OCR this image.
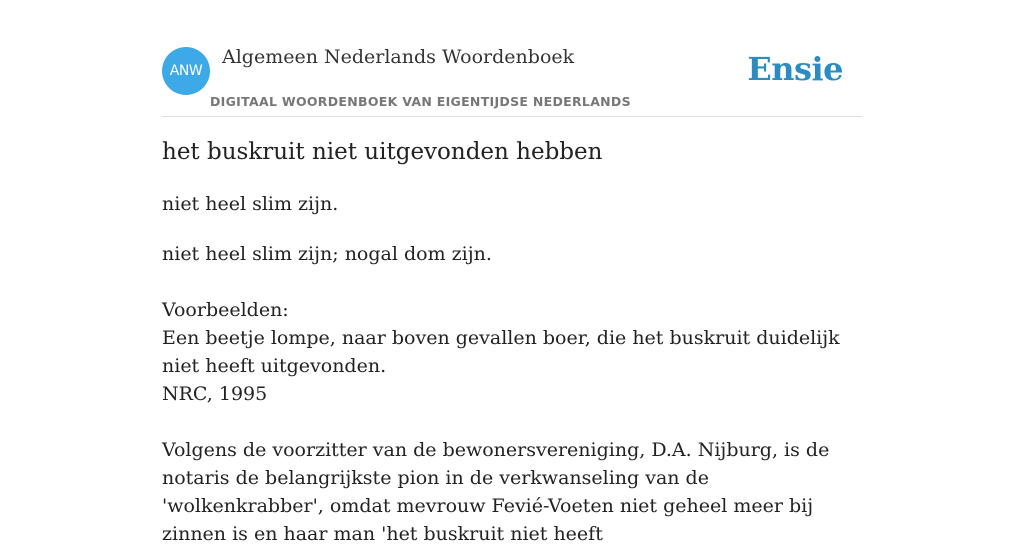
ANW
Algemeen Nederlands Woordenboek
DIGITAAL WOORDENBOEK VAN EIGENTIJDSE NEDERLANDS
Ensie
het buskruit niet uitgevonden hebben
niet heel slim zijn.

niet heel slim zijn; nogal dom zijn.

Voorbeelden:

Een beetje lompe, naar boven gevallen boer, die het buskruit duidelijk niet heeft uitgevonden.

NRC, 1995

Volgens de voorzitter van de bewonersvereniging, D.A. Nijburg, is de notaris de belangrijkste pion in de verkwanseling van de 'wolkenkrabber', omdat mevrouw Fevié-Voeten niet geheel meer bij zinnen is en haar man 'het buskruit niet heeft
